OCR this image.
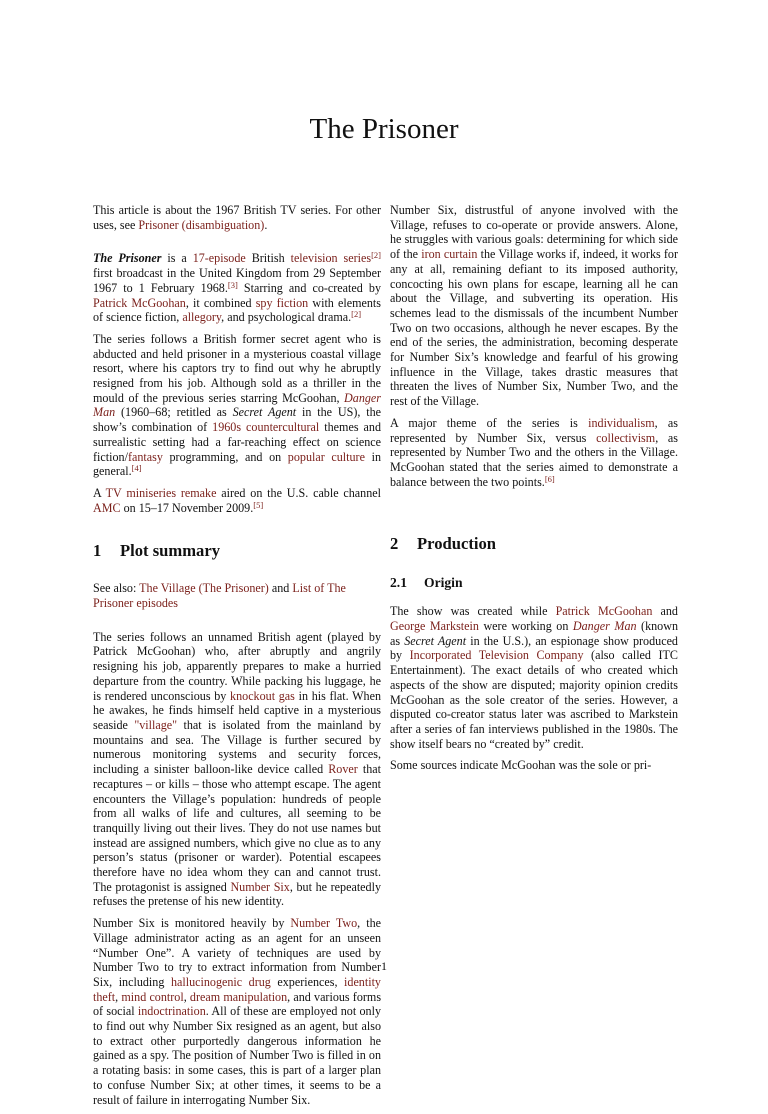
The Prisoner

This article is about the 1967 British TV series. For other uses, see Prisoner (disambiguation).

The Prisoner is a 17-episode British television series[2] first broadcast in the United Kingdom from 29 September 1967 to 1 February 1968.[3] Starring and co-created by Patrick McGoohan, it combined spy fiction with elements of science fiction, allegory, and psychological drama.[2]

The series follows a British former secret agent who is abducted and held prisoner in a mysterious coastal village resort, where his captors try to find out why he abruptly resigned from his job. Although sold as a thriller in the mould of the previous series starring McGoohan, Danger Man (1960–68; retitled as Secret Agent in the US), the show’s combination of 1960s countercultural themes and surrealistic setting had a far-reaching effect on science fiction/fantasy programming, and on popular culture in general.[4]

A TV miniseries remake aired on the U.S. cable channel AMC on 15–17 November 2009.[5]

1 Plot summary

See also: The Village (The Prisoner) and List of The Prisoner episodes

The series follows an unnamed British agent (played by Patrick McGoohan) who, after abruptly and angrily resigning his job, apparently prepares to make a hurried departure from the country. While packing his luggage, he is rendered unconscious by knockout gas in his flat. When he awakes, he finds himself held captive in a mysterious seaside "village" that is isolated from the mainland by mountains and sea. The Village is further secured by numerous monitoring systems and security forces, including a sinister balloon-like device called Rover that recaptures – or kills – those who attempt escape. The agent encounters the Village’s population: hundreds of people from all walks of life and cultures, all seeming to be tranquilly living out their lives. They do not use names but instead are assigned numbers, which give no clue as to any person’s status (prisoner or warder). Potential escapees therefore have no idea whom they can and cannot trust. The protagonist is assigned Number Six, but he repeatedly refuses the pretense of his new identity.

Number Six is monitored heavily by Number Two, the Village administrator acting as an agent for an unseen “Number One”. A variety of techniques are used by Number Two to try to extract information from Number Six, including hallucinogenic drug experiences, identity theft, mind control, dream manipulation, and various forms of social indoctrination. All of these are employed not only to find out why Number Six resigned as an agent, but also to extract other purportedly dangerous information he gained as a spy. The position of Number Two is filled in on a rotating basis: in some cases, this is part of a larger plan to confuse Number Six; at other times, it seems to be a result of failure in interrogating Number Six.

Number Six, distrustful of anyone involved with the Village, refuses to co-operate or provide answers. Alone, he struggles with various goals: determining for which side of the iron curtain the Village works if, indeed, it works for any at all, remaining defiant to its imposed authority, concocting his own plans for escape, learning all he can about the Village, and subverting its operation. His schemes lead to the dismissals of the incumbent Number Two on two occasions, although he never escapes. By the end of the series, the administration, becoming desperate for Number Six’s knowledge and fearful of his growing influence in the Village, takes drastic measures that threaten the lives of Number Six, Number Two, and the rest of the Village.

A major theme of the series is individualism, as represented by Number Six, versus collectivism, as represented by Number Two and the others in the Village. McGoohan stated that the series aimed to demonstrate a balance between the two points.[6]

2 Production
2.1 Origin

The show was created while Patrick McGoohan and George Markstein were working on Danger Man (known as Secret Agent in the U.S.), an espionage show produced by Incorporated Television Company (also called ITC Entertainment). The exact details of who created which aspects of the show are disputed; majority opinion credits McGoohan as the sole creator of the series. However, a disputed co-creator status later was ascribed to Markstein after a series of fan interviews published in the 1980s. The show itself bears no “created by” credit.

Some sources indicate McGoohan was the sole or pri-

1
